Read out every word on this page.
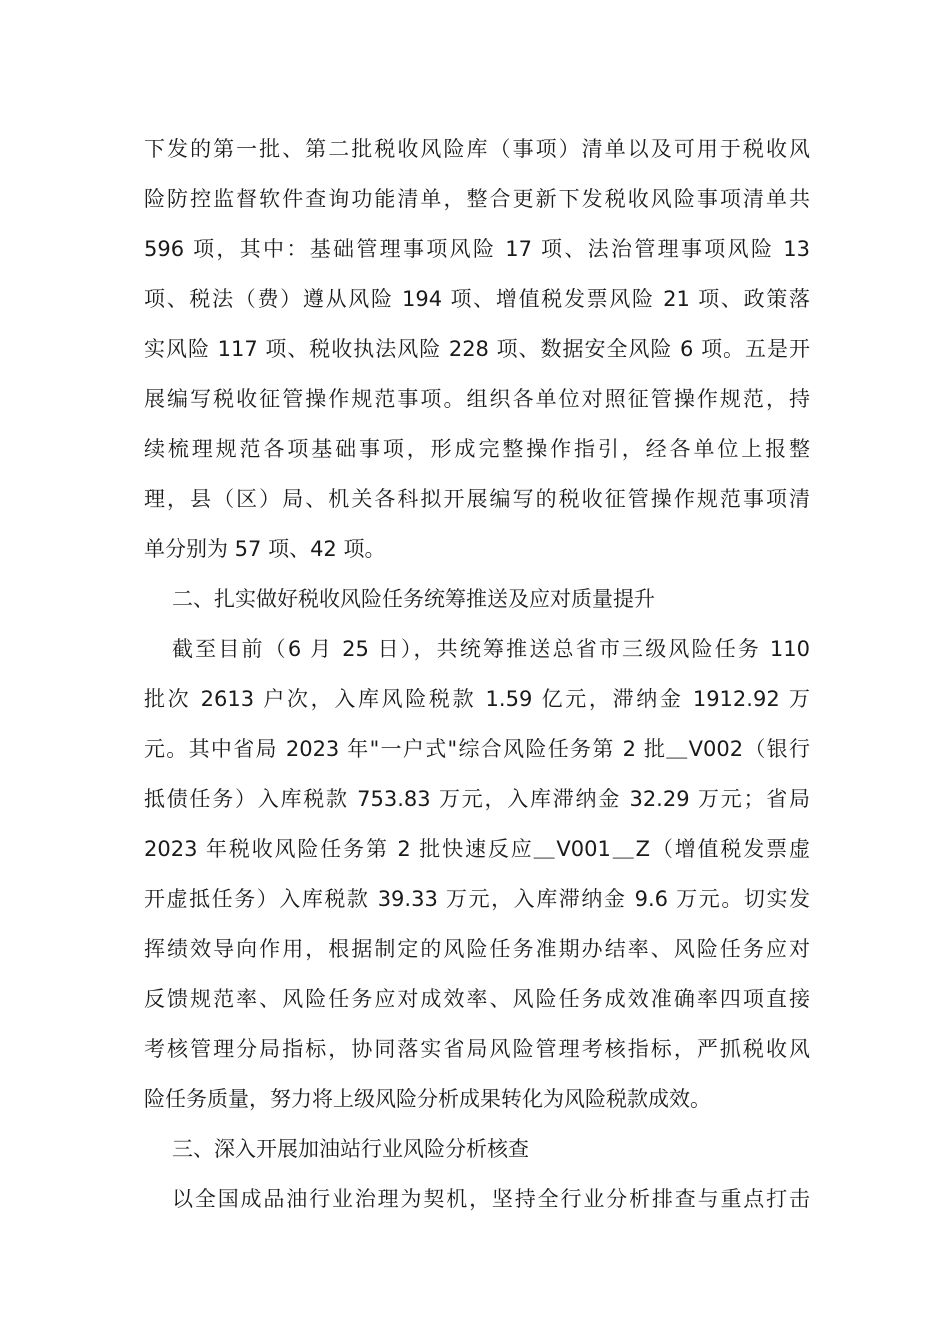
下发的第一批、第二批税收风险库（事项）清单以及可用于税收风
险防控监督软件查询功能清单，整合更新下发税收风险事项清单共
596 项，其中：基础管理事项风险 17 项、法治管理事项风险 13
项、税法（费）遵从风险 194 项、增值税发票风险 21 项、政策落
实风险 117 项、税收执法风险 228 项、数据安全风险 6 项。五是开
展编写税收征管操作规范事项。组织各单位对照征管操作规范，持
续梳理规范各项基础事项，形成完整操作指引，经各单位上报整
理，县（区）局、机关各科拟开展编写的税收征管操作规范事项清
单分别为 57 项、42 项。
二、扎实做好税收风险任务统筹推送及应对质量提升
截至目前（6 月 25 日），共统筹推送总省市三级风险任务 110
批次 2613 户次，入库风险税款 1.59 亿元，滞纳金 1912.92 万
元。其中省局 2023 年"一户式"综合风险任务第 2 批＿V002（银行
抵债任务）入库税款 753.83 万元，入库滞纳金 32.29 万元；省局
2023 年税收风险任务第 2 批快速反应＿V001＿Z（增值税发票虚
开虚抵任务）入库税款 39.33 万元，入库滞纳金 9.6 万元。切实发
挥绩效导向作用，根据制定的风险任务准期办结率、风险任务应对
反馈规范率、风险任务应对成效率、风险任务成效准确率四项直接
考核管理分局指标，协同落实省局风险管理考核指标，严抓税收风
险任务质量，努力将上级风险分析成果转化为风险税款成效。
三、深入开展加油站行业风险分析核查
以全国成品油行业治理为契机，坚持全行业分析排查与重点打击
